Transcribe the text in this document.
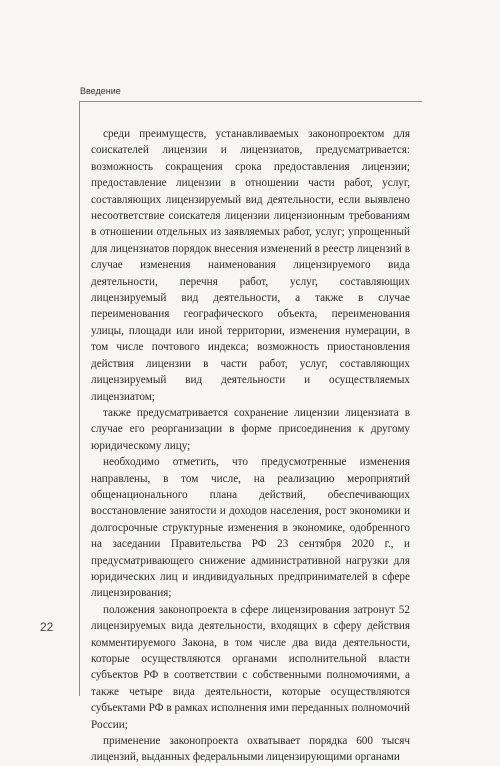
Введение

среди преимуществ, устанавливаемых законопроектом для соискателей лицензии и лицензиатов, предусматривается: возможность сокращения срока предоставления лицензии; предоставление лицензии в отношении части работ, услуг, составляющих лицензируемый вид деятельности, если выявлено несоответствие соискателя лицензии лицензионным требованиям в отношении отдельных из заявляемых работ, услуг; упрощенный для лицензиатов порядок внесения изменений в реестр лицензий в случае изменения наименования лицензируемого вида деятельности, перечня работ, услуг, составляющих лицензируемый вид деятельности, а также в случае переименования географического объекта, переименования улицы, площади или иной территории, изменения нумерации, в том числе почтового индекса; возможность приостановления действия лицензии в части работ, услуг, составляющих лицензируемый вид деятельности и осуществляемых лицензиатом;

также предусматривается сохранение лицензии лицензиата в случае его реорганизации в форме присоединения к другому юридическому лицу;

необходимо отметить, что предусмотренные изменения направлены, в том числе, на реализацию мероприятий общенационального плана действий, обеспечивающих восстановление занятости и доходов населения, рост экономики и долгосрочные структурные изменения в экономике, одобренного на заседании Правительства РФ 23 сентября 2020 г., и предусматривающего снижение административной нагрузки для юридических лиц и индивидуальных предпринимателей в сфере лицензирования;

положения законопроекта в сфере лицензирования затронут 52 лицензируемых вида деятельности, входящих в сферу действия комментируемого Закона, в том числе два вида деятельности, которые осуществляются органами исполнительной власти субъектов РФ в соответствии с собственными полномочиями, а также четыре вида деятельности, которые осуществляются субъектами РФ в рамках исполнения ими переданных полномочий России;

применение законопроекта охватывает порядка 600 тысяч лицензий, выданных федеральными лицензирующими органами

22
